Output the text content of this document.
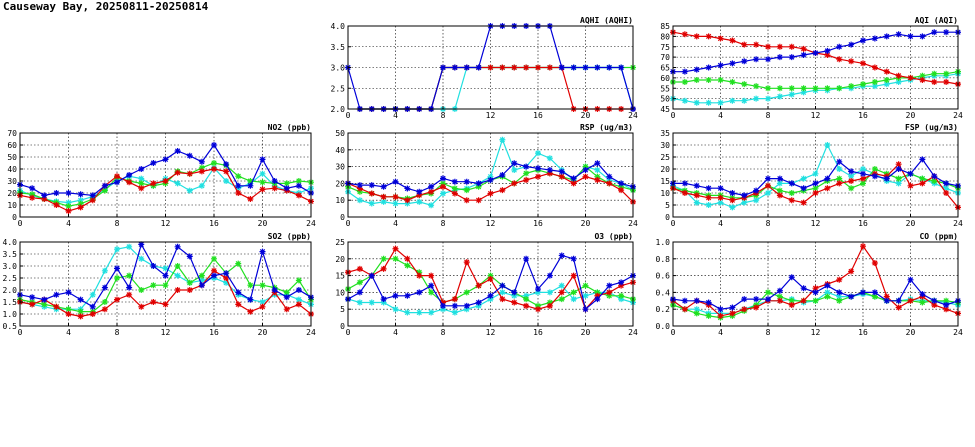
Causeway Bay, 20250811-20250814
AQHI (AQHI)
0	4	8	12	16	20	24
2.0
2.5
3.0
3.5
4.0
AQI (AQI)
0	4	8	12	16	20	24
45
50
55
60
65
70
75
80
85
NO2 (ppb)
0	4	8	12	16	20	24
0
10
20
30
40
50
60
70
RSP (ug/m3)
0	4	8	12	16	20	24
0
10
20
30
40
50
FSP (ug/m3)
0	4	8	12	16	20	24
0
5
10
15
20
25
30
35
SO2 (ppb)
0	4	8	12	16	20	24
0.5
1.0
1.5
2.0
2.5
3.0
3.5
4.0
O3 (ppb)
0	4	8	12	16	20	24
0
5
10
15
20
25
CO (ppm)
0	4	8	12	16	20	24
0.0
0.2
0.4
0.6
0.8
1.0
